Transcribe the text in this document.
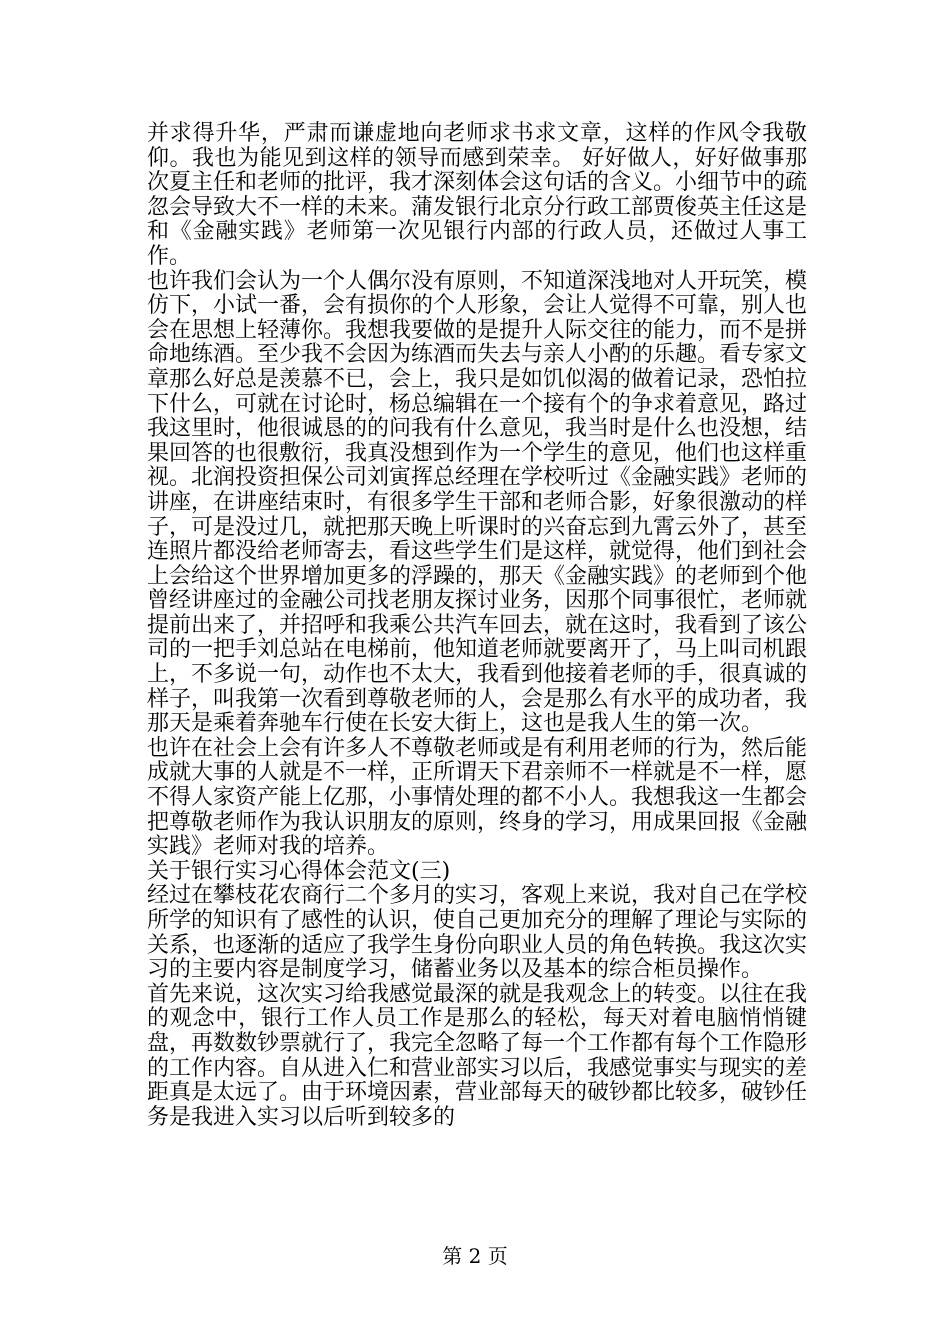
并求得升华，严肃而谦虚地向老师求书求文章，这样的作风令我敬仰。我也为能见到这样的领导而感到荣幸。 好好做人，好好做事那次夏主任和老师的批评，我才深刻体会这句话的含义。小细节中的疏忽会导致大不一样的未来。蒲发银行北京分行政工部贾俊英主任这是和《金融实践》老师第一次见银行内部的行政人员，还做过人事工作。

也许我们会认为一个人偶尔没有原则，不知道深浅地对人开玩笑，模仿下，小试一番，会有损你的个人形象，会让人觉得不可靠，别人也会在思想上轻薄你。我想我要做的是提升人际交往的能力，而不是拼命地练酒。至少我不会因为练酒而失去与亲人小酌的乐趣。看专家文章那么好总是羡慕不已，会上，我只是如饥似渴的做着记录，恐怕拉下什么，可就在讨论时，杨总编辑在一个接有个的争求着意见，路过我这里时，他很诚恳的的问我有什么意见，我当时是什么也没想，结果回答的也很敷衍，我真没想到作为一个学生的意见，他们也这样重视。北润投资担保公司刘寅挥总经理在学校听过《金融实践》老师的讲座，在讲座结束时，有很多学生干部和老师合影，好象很激动的样子，可是没过几，就把那天晚上听课时的兴奋忘到九霄云外了，甚至连照片都没给老师寄去，看这些学生们是这样，就觉得，他们到社会上会给这个世界增加更多的浮躁的，那天《金融实践》的老师到个他曾经讲座过的金融公司找老朋友探讨业务，因那个同事很忙，老师就提前出来了，并招呼和我乘公共汽车回去，就在这时，我看到了该公司的一把手刘总站在电梯前，他知道老师就要离开了，马上叫司机跟上，不多说一句，动作也不太大，我看到他接着老师的手，很真诚的样子，叫我第一次看到尊敬老师的人，会是那么有水平的成功者，我那天是乘着奔驰车行使在长安大街上，这也是我人生的第一次。

也许在社会上会有许多人不尊敬老师或是有利用老师的行为，然后能成就大事的人就是不一样，正所谓天下君亲师不一样就是不一样，愿不得人家资产能上亿那，小事情处理的都不小人。我想我这一生都会把尊敬老师作为我认识朋友的原则，终身的学习，用成果回报《金融实践》老师对我的培养。

关于银行实习心得体会范文(三)

经过在攀枝花农商行二个多月的实习，客观上来说，我对自己在学校所学的知识有了感性的认识，使自己更加充分的理解了理论与实际的关系，也逐渐的适应了我学生身份向职业人员的角色转换。我这次实习的主要内容是制度学习，储蓄业务以及基本的综合柜员操作。

首先来说，这次实习给我感觉最深的就是我观念上的转变。以往在我的观念中，银行工作人员工作是那么的轻松，每天对着电脑悄悄键盘，再数数钞票就行了，我完全忽略了每一个工作都有每个工作隐形的工作内容。自从进入仁和营业部实习以后，我感觉事实与现实的差距真是太远了。由于环境因素，营业部每天的破钞都比较多，破钞任务是我进入实习以后听到较多的

第 2 页
